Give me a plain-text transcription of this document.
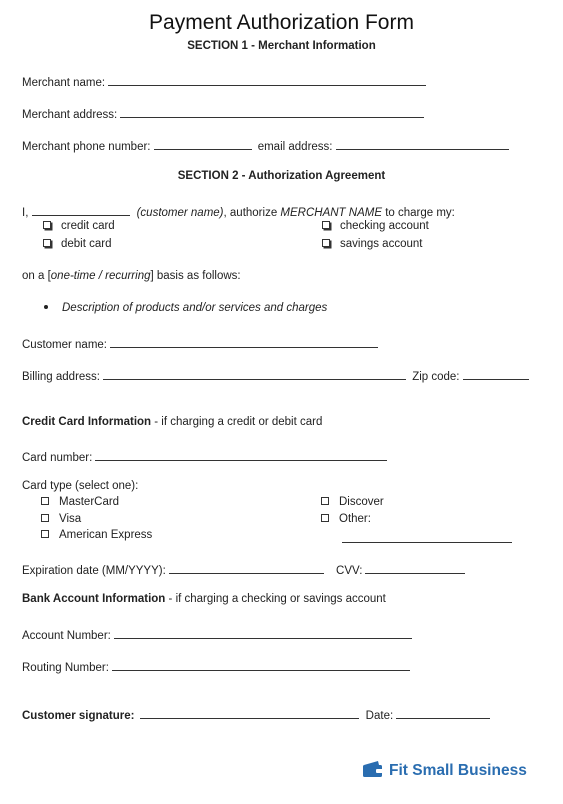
Payment Authorization Form
SECTION 1 - Merchant Information
Merchant name:
Merchant address:
Merchant phone number:	email address:
SECTION 2 - Authorization Agreement
I,	(customer name), authorize MERCHANT NAME to charge my:
credit card
debit card
checking account
savings account
on a [one-time / recurring] basis as follows:
Description of products and/or services and charges
Customer name:
Billing address:	Zip code:
Credit Card Information - if charging a credit or debit card
Card number:
Card type (select one):
MasterCard
Visa
American Express
Discover
Other:
Expiration date (MM/YYYY):	CVV:
Bank Account Information - if charging a checking or savings account
Account Number:
Routing Number:
Customer signature:	Date:
Fit Small Business
